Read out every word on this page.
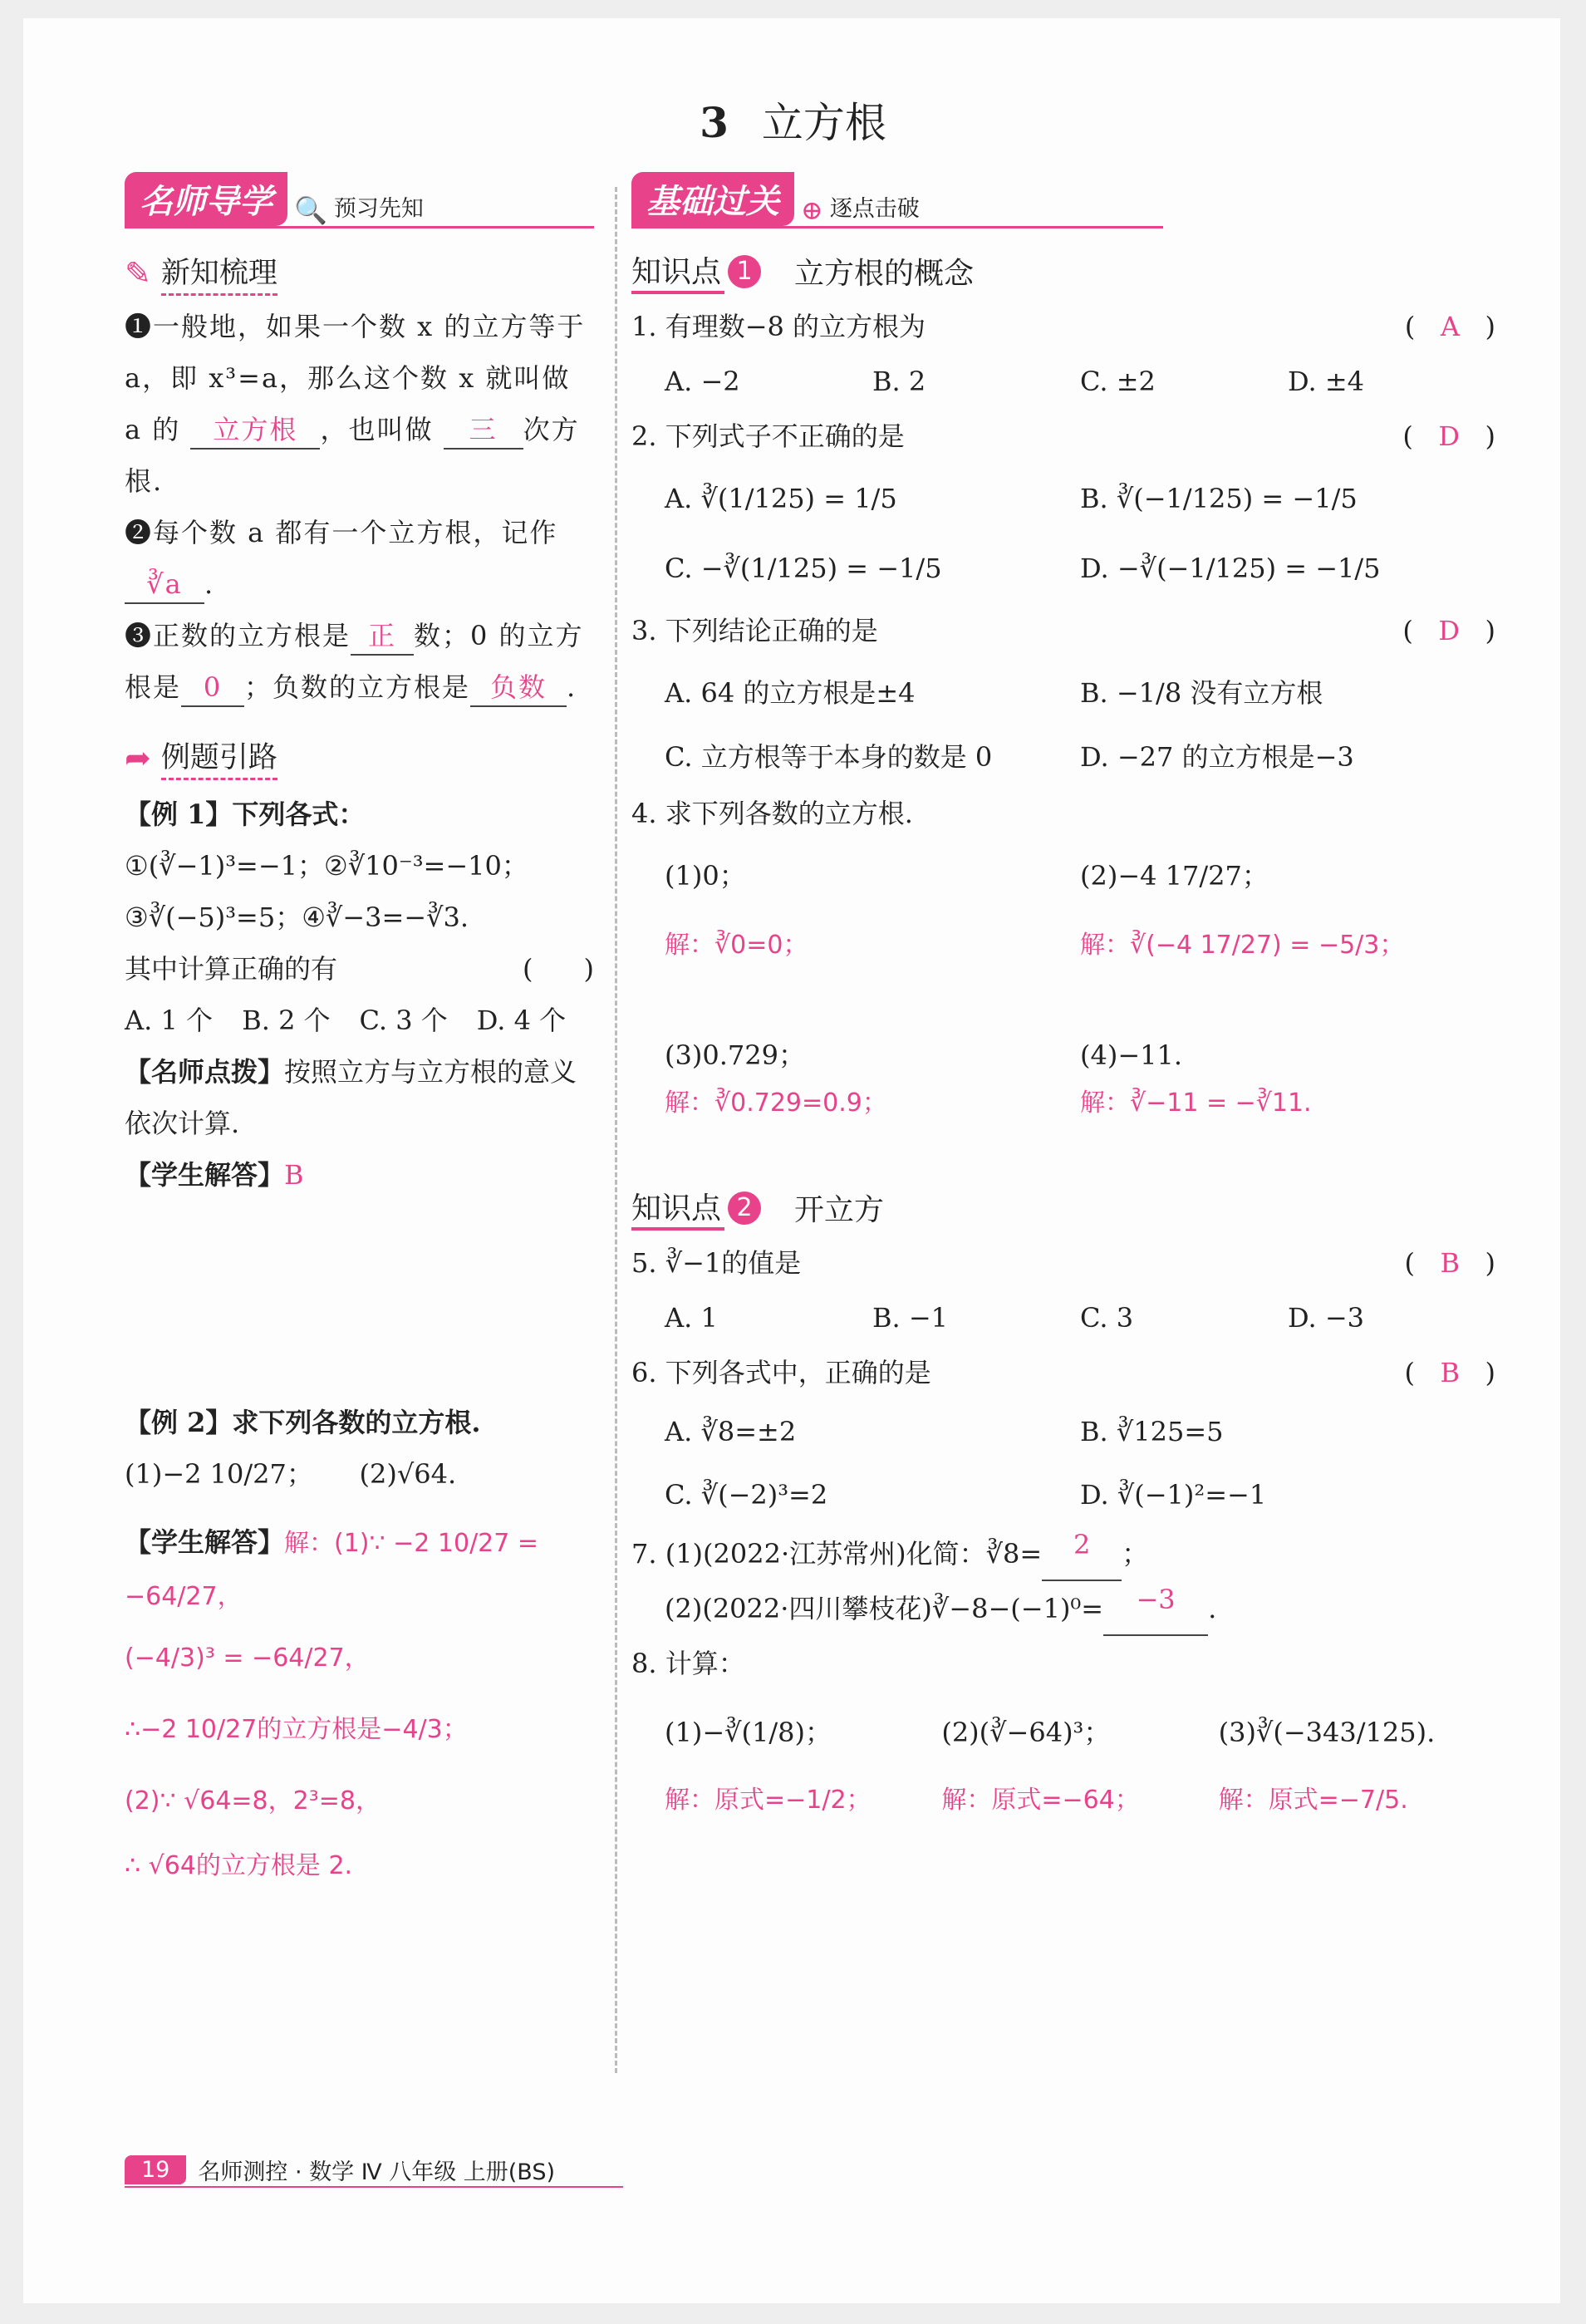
3 立方根
名师导学 🔍 预习先知
✎ 新知梳理
❶一般地，如果一个数 x 的立方等于 a，即 x³=a，那么这个数 x 就叫做 a 的 立方根 ，也叫做 三 次方根.
❷每个数 a 都有一个立方根，记作 ∛a .
❸正数的立方根是 正 数；0 的立方根是 0 ；负数的立方根是 负数 .
➦ 例题引路
【例 1】下列各式：
①(∛−1)³=−1；②∛10⁻³=−10；
③∛(−5)³=5；④∛−3=−∛3.
其中计算正确的有	(      )
A. 1 个	B. 2 个	C. 3 个	D. 4 个
【名师点拨】按照立方与立方根的意义依次计算.
【学生解答】B
【例 2】求下列各数的立方根.
(1)−2 10/27；	(2)√64.
【学生解答】解：(1)∵ −2 10/27 = −64/27，
(−4/3)³ = −64/27，
∴−2 10/27的立方根是−4/3；
(2)∵ √64=8，2³=8，
∴ √64的立方根是 2.
基础过关 ⊕ 逐点击破
知识点 1 立方根的概念
1. 有理数−8 的立方根为	(   A   )
A. −2	B. 2	C. ±2	D. ±4
2. 下列式子不正确的是	(   D   )
A. ∛(1/125) = 1/5	B. ∛(−1/125) = −1/5
C. −∛(1/125) = −1/5	D. −∛(−1/125) = −1/5
3. 下列结论正确的是	(   D   )
A. 64 的立方根是±4	B. −1/8 没有立方根
C. 立方根等于本身的数是 0	D. −27 的立方根是−3
4. 求下列各数的立方根.
(1)0；	(2)−4 17/27；
解：∛0=0；	解：∛(−4 17/27) = −5/3；
(3)0.729；	(4)−11.
解：∛0.729=0.9；	解：∛−11 = −∛11.
知识点 2 开立方
5. ∛−1的值是	(   B   )
A. 1	B. −1	C. 3	D. −3
6. 下列各式中，正确的是	(   B   )
A. ∛8=±2	B. ∛125=5
C. ∛(−2)³=2	D. ∛(−1)²=−1
7. (1)(2022·江苏常州)化简：∛8=	2	；
(2)(2022·四川攀枝花)∛−8−(−1)⁰=	−3	.
8. 计算：
(1)−∛(1/8)；	(2)(∛−64)³；	(3)∛(−343/125).
解：原式=−1/2；	解：原式=−64；	解：原式=−7/5.
19	名师测控 · 数学 Ⅳ 八年级 上册(BS)
